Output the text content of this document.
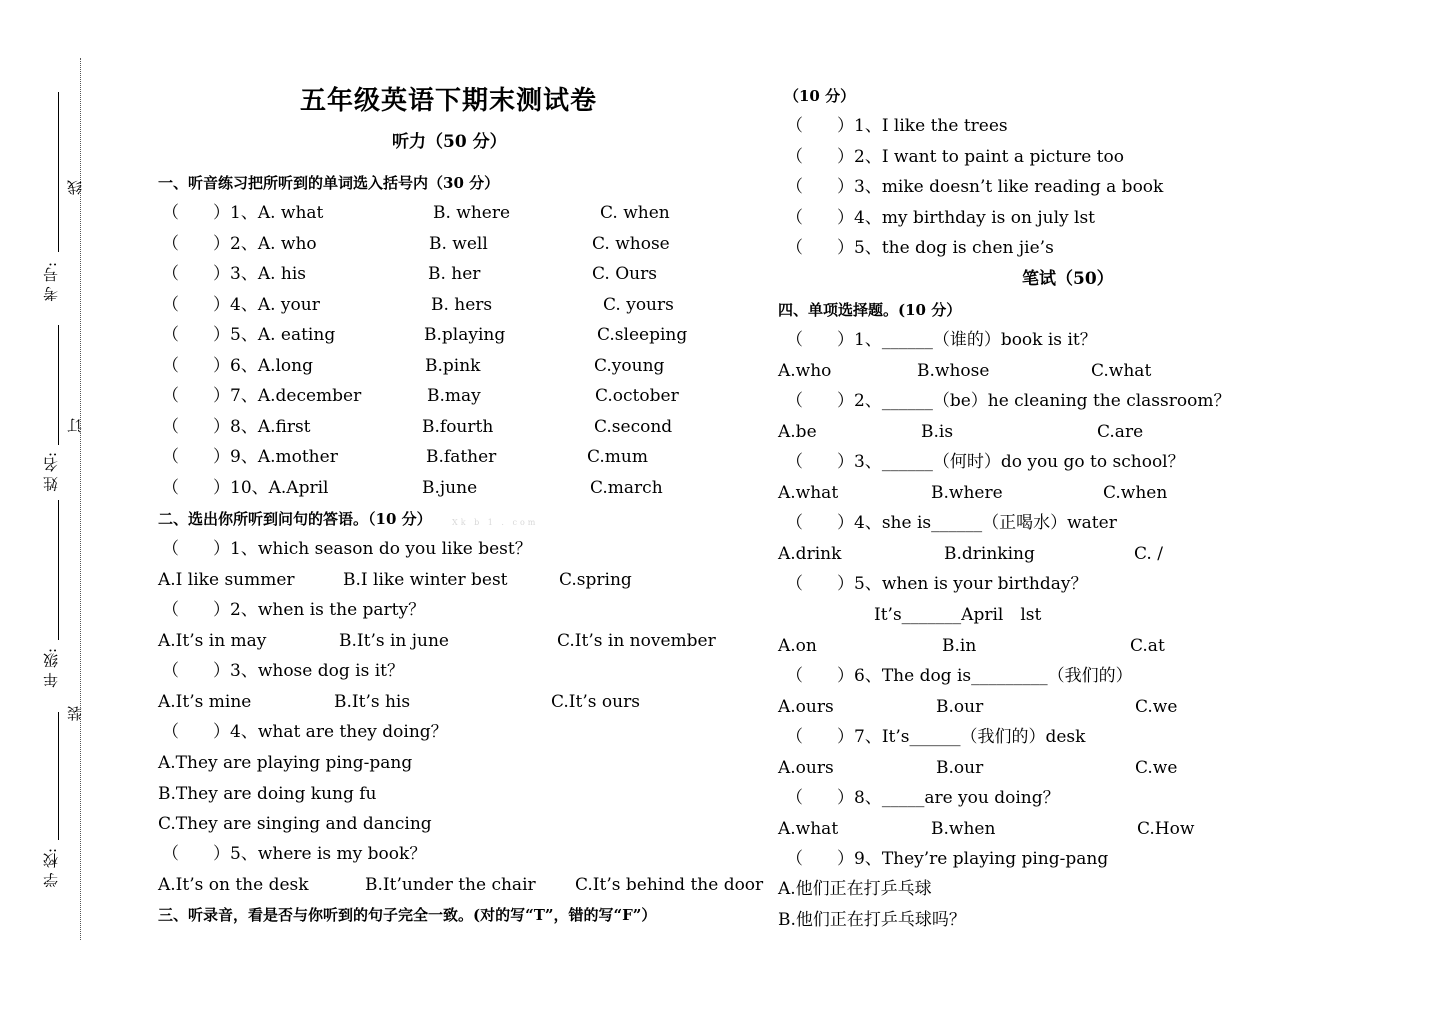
考 号:
姓 名:
年 级:
学 校:
线
订
装
五年级英语下期末测试卷
听力（50 分）
一、听音练习把所听到的单词选入括号内（30 分）
（　　）1、A. what	B. where	C. when
（　　）2、A. who	B. well	C. whose
（　　）3、A. his	B. her	C. Ours
（　　）4、A. your	B. hers	C. yours
（　　）5、A. eating	B.playing	C.sleeping
（　　）6、A.long	B.pink	C.young
（　　）7、A.december	B.may	C.october
（　　）8、A.first	B.fourth	C.second
（　　）9、A.mother	B.father	C.mum
（　　）10、A.April	B.june	C.march
二、选出你所听到问句的答语。（10 分）	Xk b 1 . com
（　　）1、which season do you like best？
A.I like summer	B.I like winter best	C.spring
（　　）2、when is the party？
A.It’s in may	B.It’s in june	C.It’s in november
（　　）3、whose dog is it？
A.It’s mine	B.It’s his	C.It’s ours
（　　）4、what are they doing？
A.They are playing ping-pang
B.They are doing kung fu
C.They are singing and dancing
（　　）5、where is my book？
A.It’s on the desk	B.It’under the chair C.It’s behind the door
三、听录音，看是否与你听到的句子完全一致。(对的写“T”，错的写“F”）
（10 分）
（　　）1、I like the trees
（　　）2、I want to paint a picture too
（　　）3、mike doesn’t like reading a book
（　　）4、my birthday is on july lst
（　　）5、the dog is chen jie’s
笔试（50）
四、单项选择题。(10 分）
（　　）1、______（谁的）book is it？
A.who	B.whose	C.what
（　　）2、______（be）he cleaning the classroom？
A.be	B.is	C.are
（　　）3、______（何时）do you go to school？
A.what	B.where	C.when
（　　）4、she is______（正喝水）water
A.drink	B.drinking	C. /
（　　）5、when is your birthday？
It’s_______April　lst
A.on	B.in	C.at
（　　）6、The dog is_________（我们的）
A.ours	B.our	C.we
（　　）7、It’s______（我们的）desk
A.ours	B.our	C.we
（　　）8、_____are you doing？
A.what	B.when	C.How
（　　）9、They’re playing ping-pang
A.他们正在打乒乓球
B.他们正在打乒乓球吗？
